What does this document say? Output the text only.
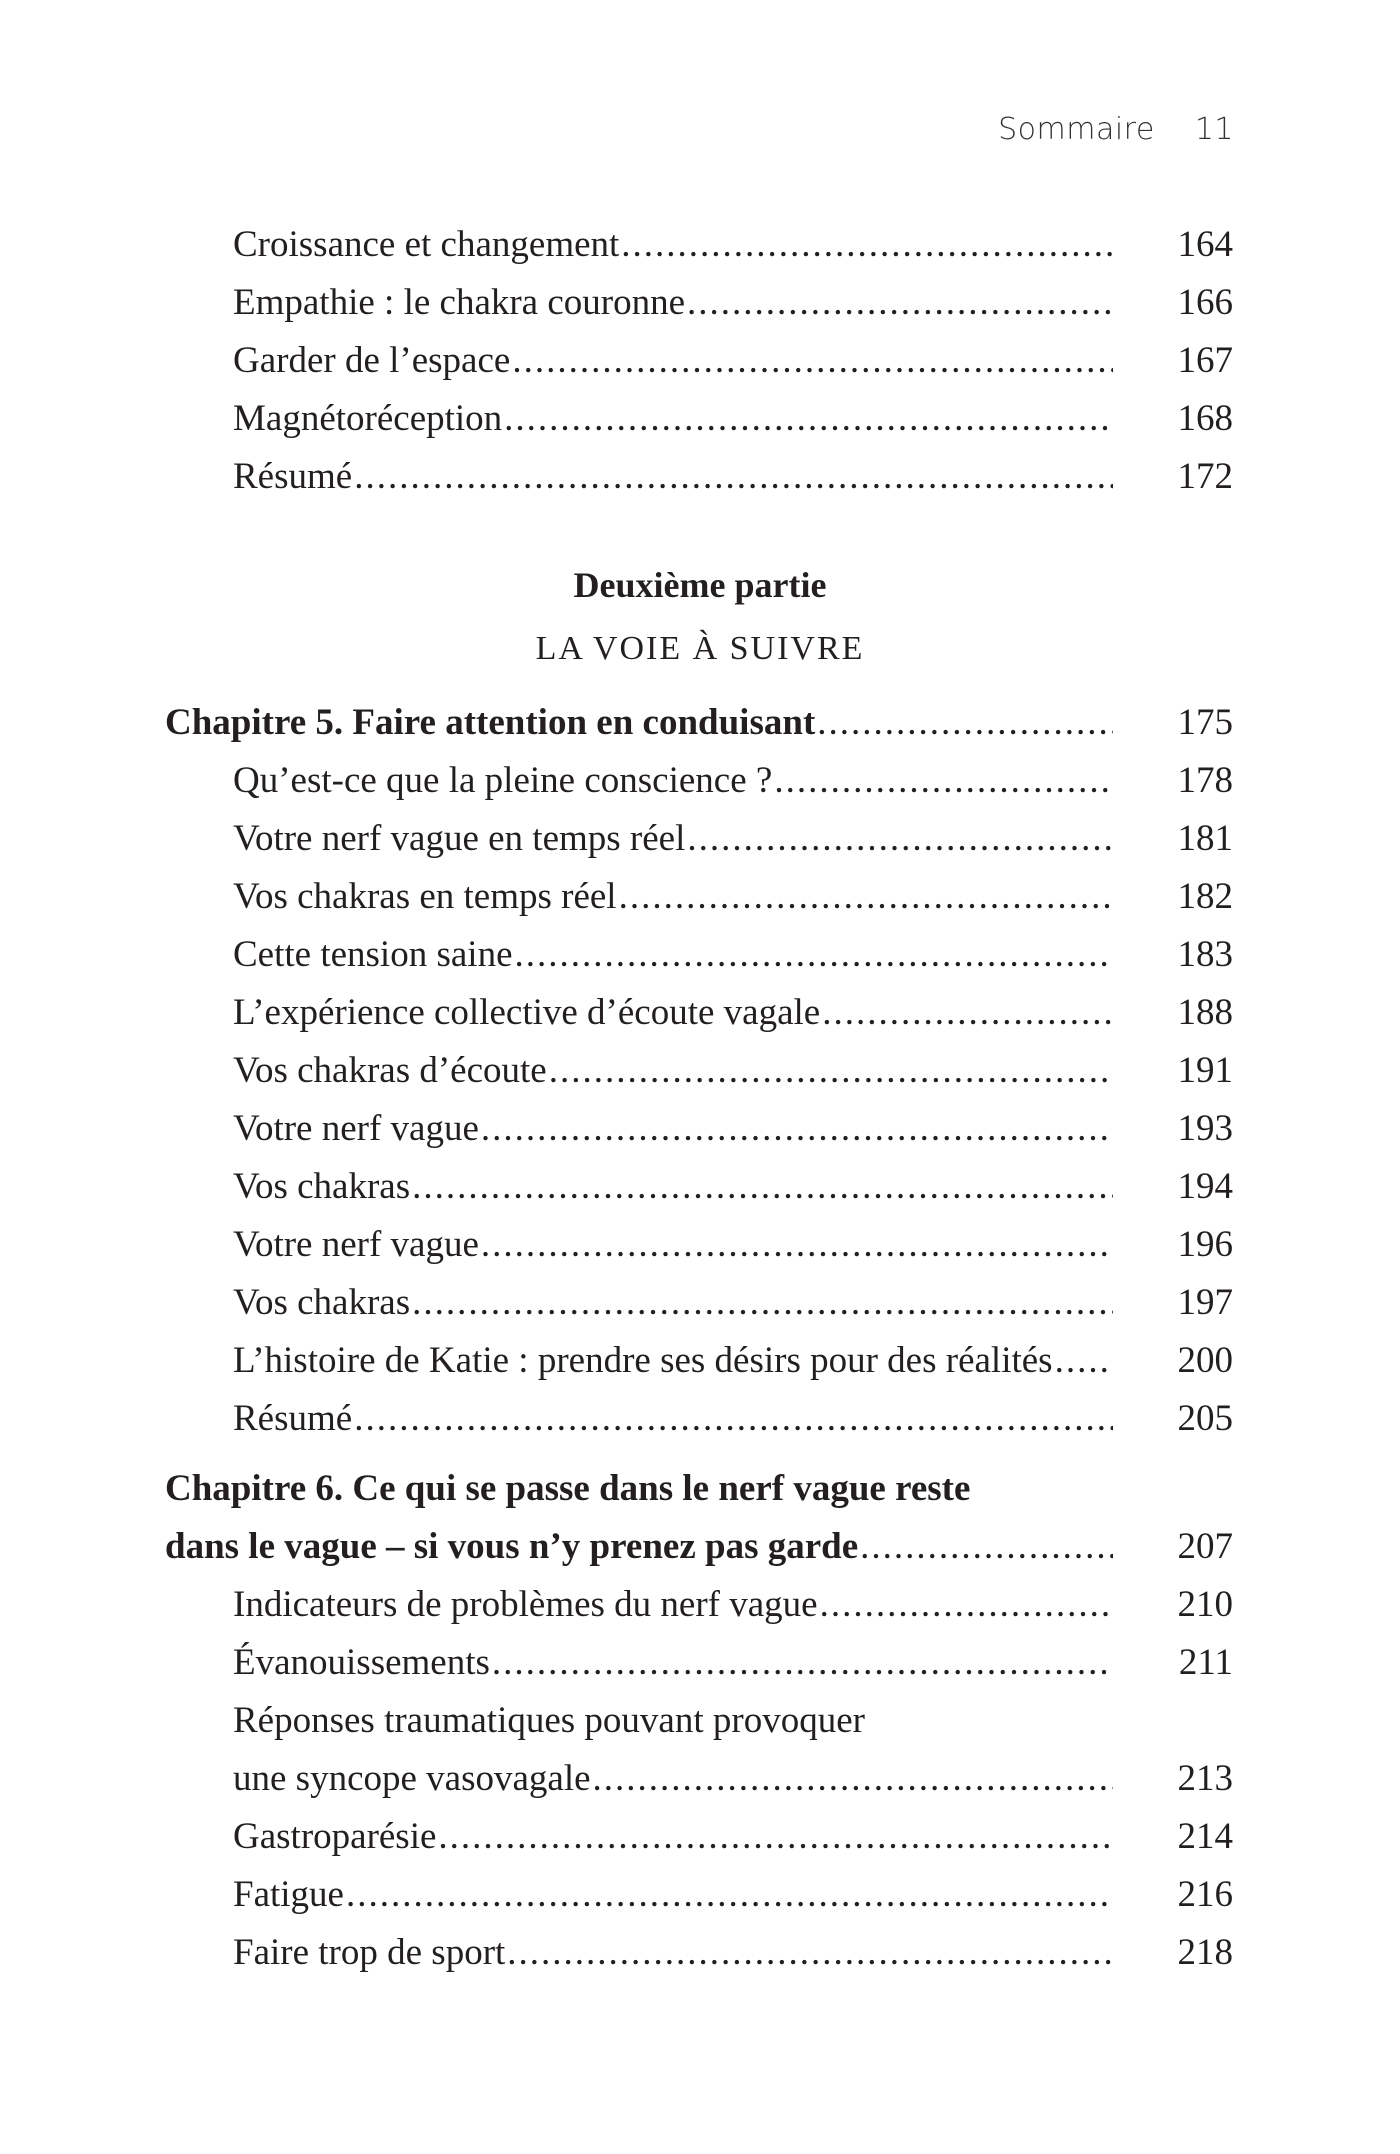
Sommaire 11
Croissance et changement .....	164
Empathie : le chakra couronne .....	166
Garder de l’espace .....	167
Magnétoréception .....	168
Résumé .....	172
Deuxième partie
LA VOIE À SUIVRE
Chapitre 5. Faire attention en conduisant .....	175
Qu’est-ce que la pleine conscience ? .....	178
Votre nerf vague en temps réel .....	181
Vos chakras en temps réel .....	182
Cette tension saine .....	183
L’expérience collective d’écoute vagale .....	188
Vos chakras d’écoute .....	191
Votre nerf vague .....	193
Vos chakras .....	194
Votre nerf vague .....	196
Vos chakras .....	197
L’histoire de Katie : prendre ses désirs pour des réalités .....	200
Résumé .....	205
Chapitre 6. Ce qui se passe dans le nerf vague reste
dans le vague – si vous n’y prenez pas garde .....	207
Indicateurs de problèmes du nerf vague .....	210
Évanouissements .....	211
Réponses traumatiques pouvant provoquer
une syncope vasovagale .....	213
Gastroparésie .....	214
Fatigue .....	216
Faire trop de sport .....	218
